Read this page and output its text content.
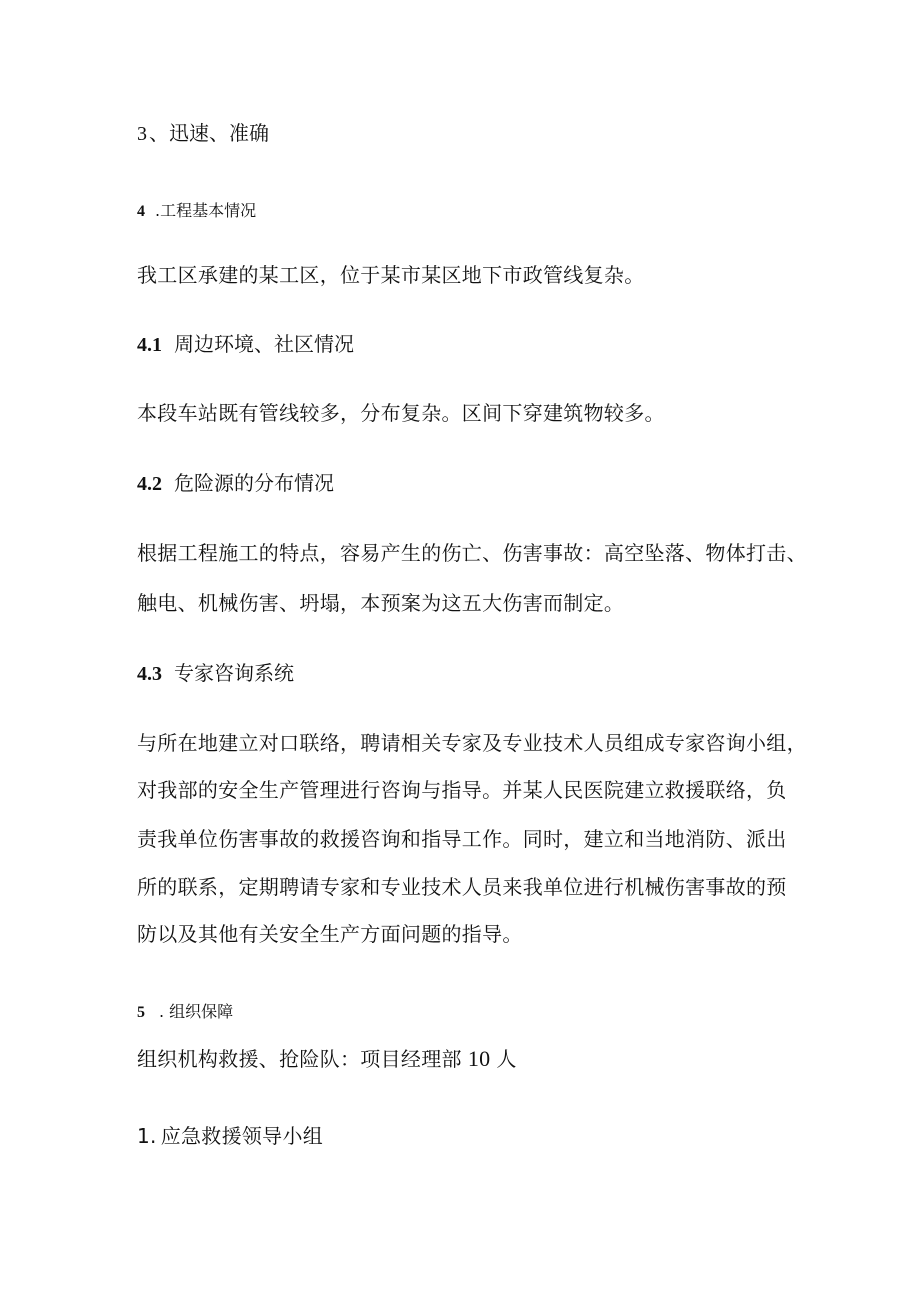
3 、迅速、准确

4 .工程基本情况

我工区承建的某工区，位于某市某区地下市政管线复杂。

4.1 周边环境、社区情况

本段车站既有管线较多，分布复杂。区间下穿建筑物较多。

4.2 危险源的分布情况

根据工程施工的特点，容易产生的伤亡、伤害事故：高空坠落、物体打击、

触电、机械伤害、坍塌，本预案为这五大伤害而制定。

4.3 专家咨询系统

与所在地建立对口联络，聘请相关专家及专业技术人员组成专家咨询小组，

对我部的安全生产管理进行咨询与指导。并某人民医院建立救援联络，负

责我单位伤害事故的救援咨询和指导工作。同时，建立和当地消防、派出

所的联系，定期聘请专家和专业技术人员来我单位进行机械伤害事故的预

防以及其他有关安全生产方面问题的指导。

5 . 组织保障

组织机构救援、抢险队：项目经理部 10 人

1. 应急救援领导小组
